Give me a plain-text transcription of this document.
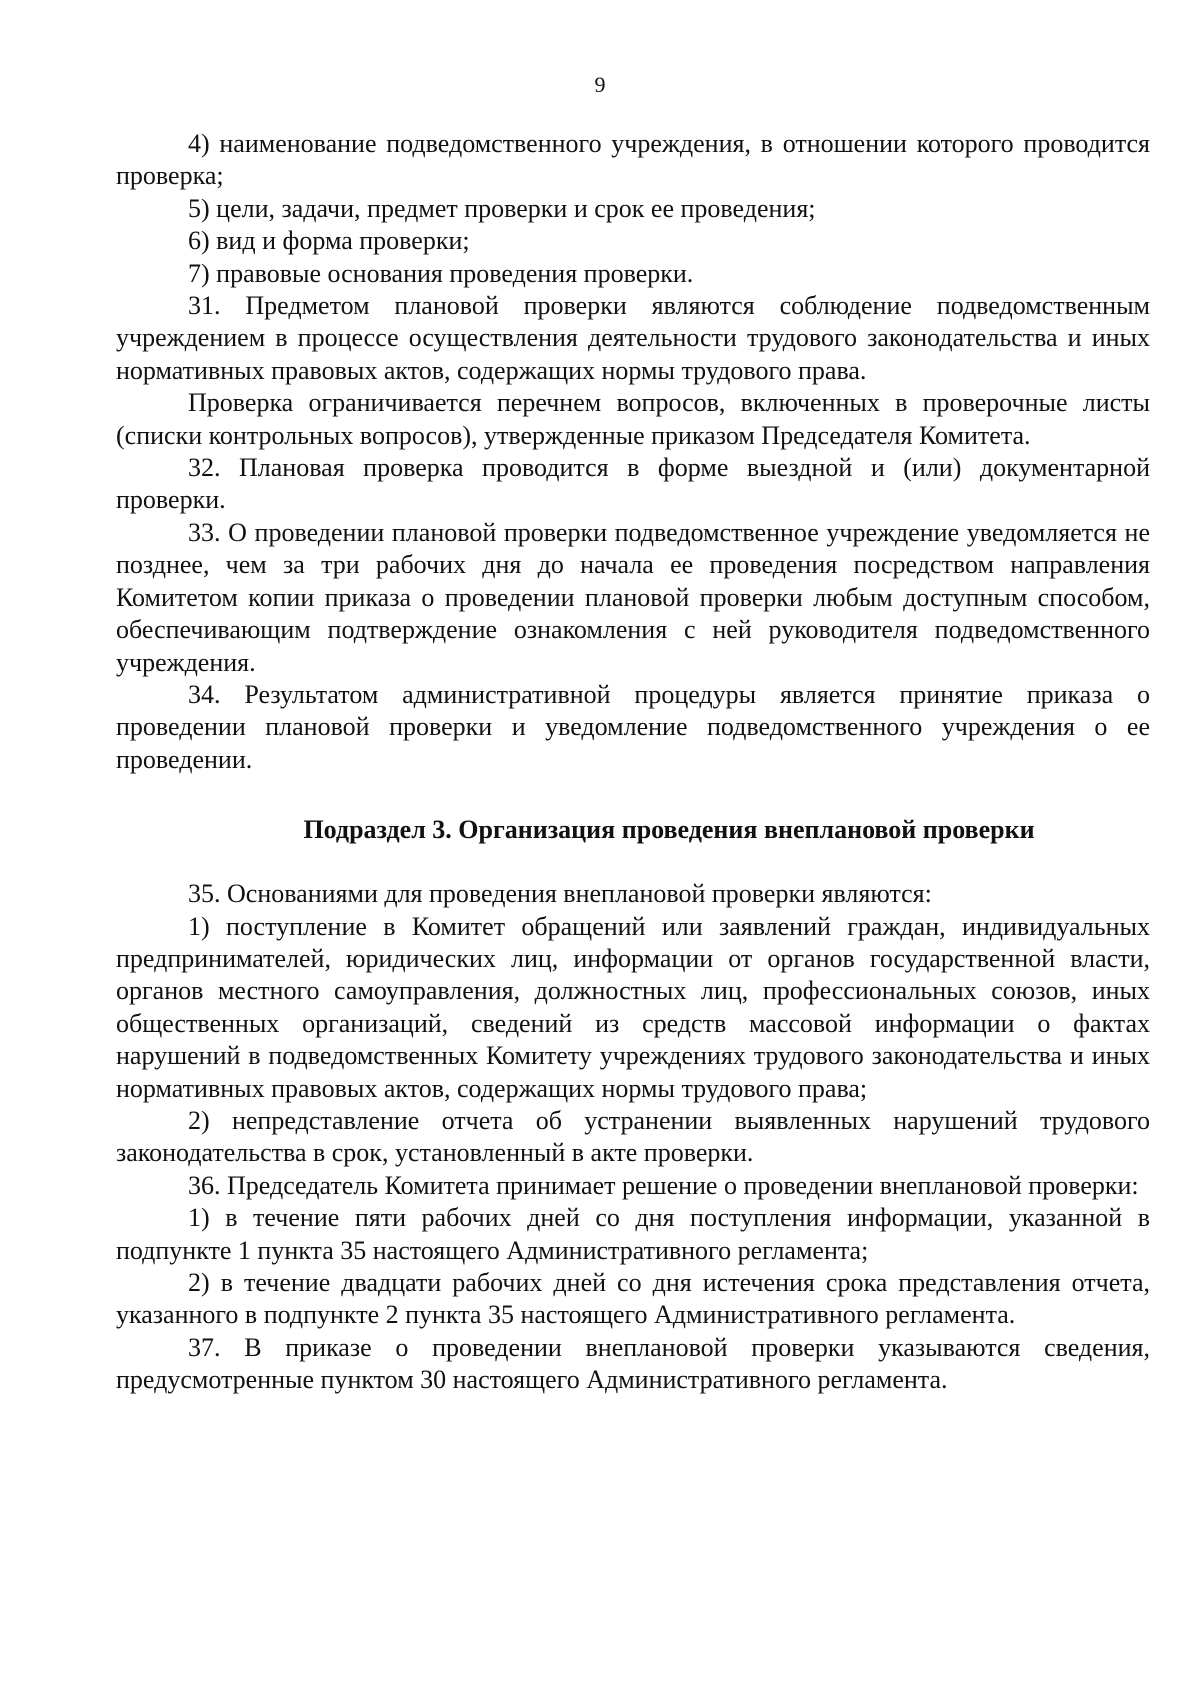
9

4) наименование подведомственного учреждения, в отношении которого проводится проверка;

5) цели, задачи, предмет проверки и срок ее проведения;

6) вид и форма проверки;

7) правовые основания проведения проверки.

31. Предметом плановой проверки являются соблюдение подведомственным учреждением в процессе осуществления деятельности трудового законодательства и иных нормативных правовых актов, содержащих нормы трудового права.

Проверка ограничивается перечнем вопросов, включенных в проверочные листы (списки контрольных вопросов), утвержденные приказом Председателя Комитета.

32. Плановая проверка проводится в форме выездной и (или) документарной проверки.

33. О проведении плановой проверки подведомственное учреждение уведомляется не позднее, чем за три рабочих дня до начала ее проведения посредством направления Комитетом копии приказа о проведении плановой проверки любым доступным способом, обеспечивающим подтверждение ознакомления с ней руководителя подведомственного учреждения.

34. Результатом административной процедуры является принятие приказа о проведении плановой проверки и уведомление подведомственного учреждения о ее проведении.

Подраздел 3. Организация проведения внеплановой проверки

35. Основаниями для проведения внеплановой проверки являются:

1) поступление в Комитет обращений или заявлений граждан, индивидуальных предпринимателей, юридических лиц, информации от органов государственной власти, органов местного самоуправления, должностных лиц, профессиональных союзов, иных общественных организаций, сведений из средств массовой информации о фактах нарушений в подведомственных Комитету учреждениях трудового законодательства и иных нормативных правовых актов, содержащих нормы трудового права;

2) непредставление отчета об устранении выявленных нарушений трудового законодательства в срок, установленный в акте проверки.

36. Председатель Комитета принимает решение о проведении внеплановой проверки:

1) в течение пяти рабочих дней со дня поступления информации, указанной в подпункте 1 пункта 35 настоящего Административного регламента;

2) в течение двадцати рабочих дней со дня истечения срока представления отчета, указанного в подпункте 2 пункта 35 настоящего Административного регламента.

37. В приказе о проведении внеплановой проверки указываются сведения, предусмотренные пунктом 30 настоящего Административного регламента.
